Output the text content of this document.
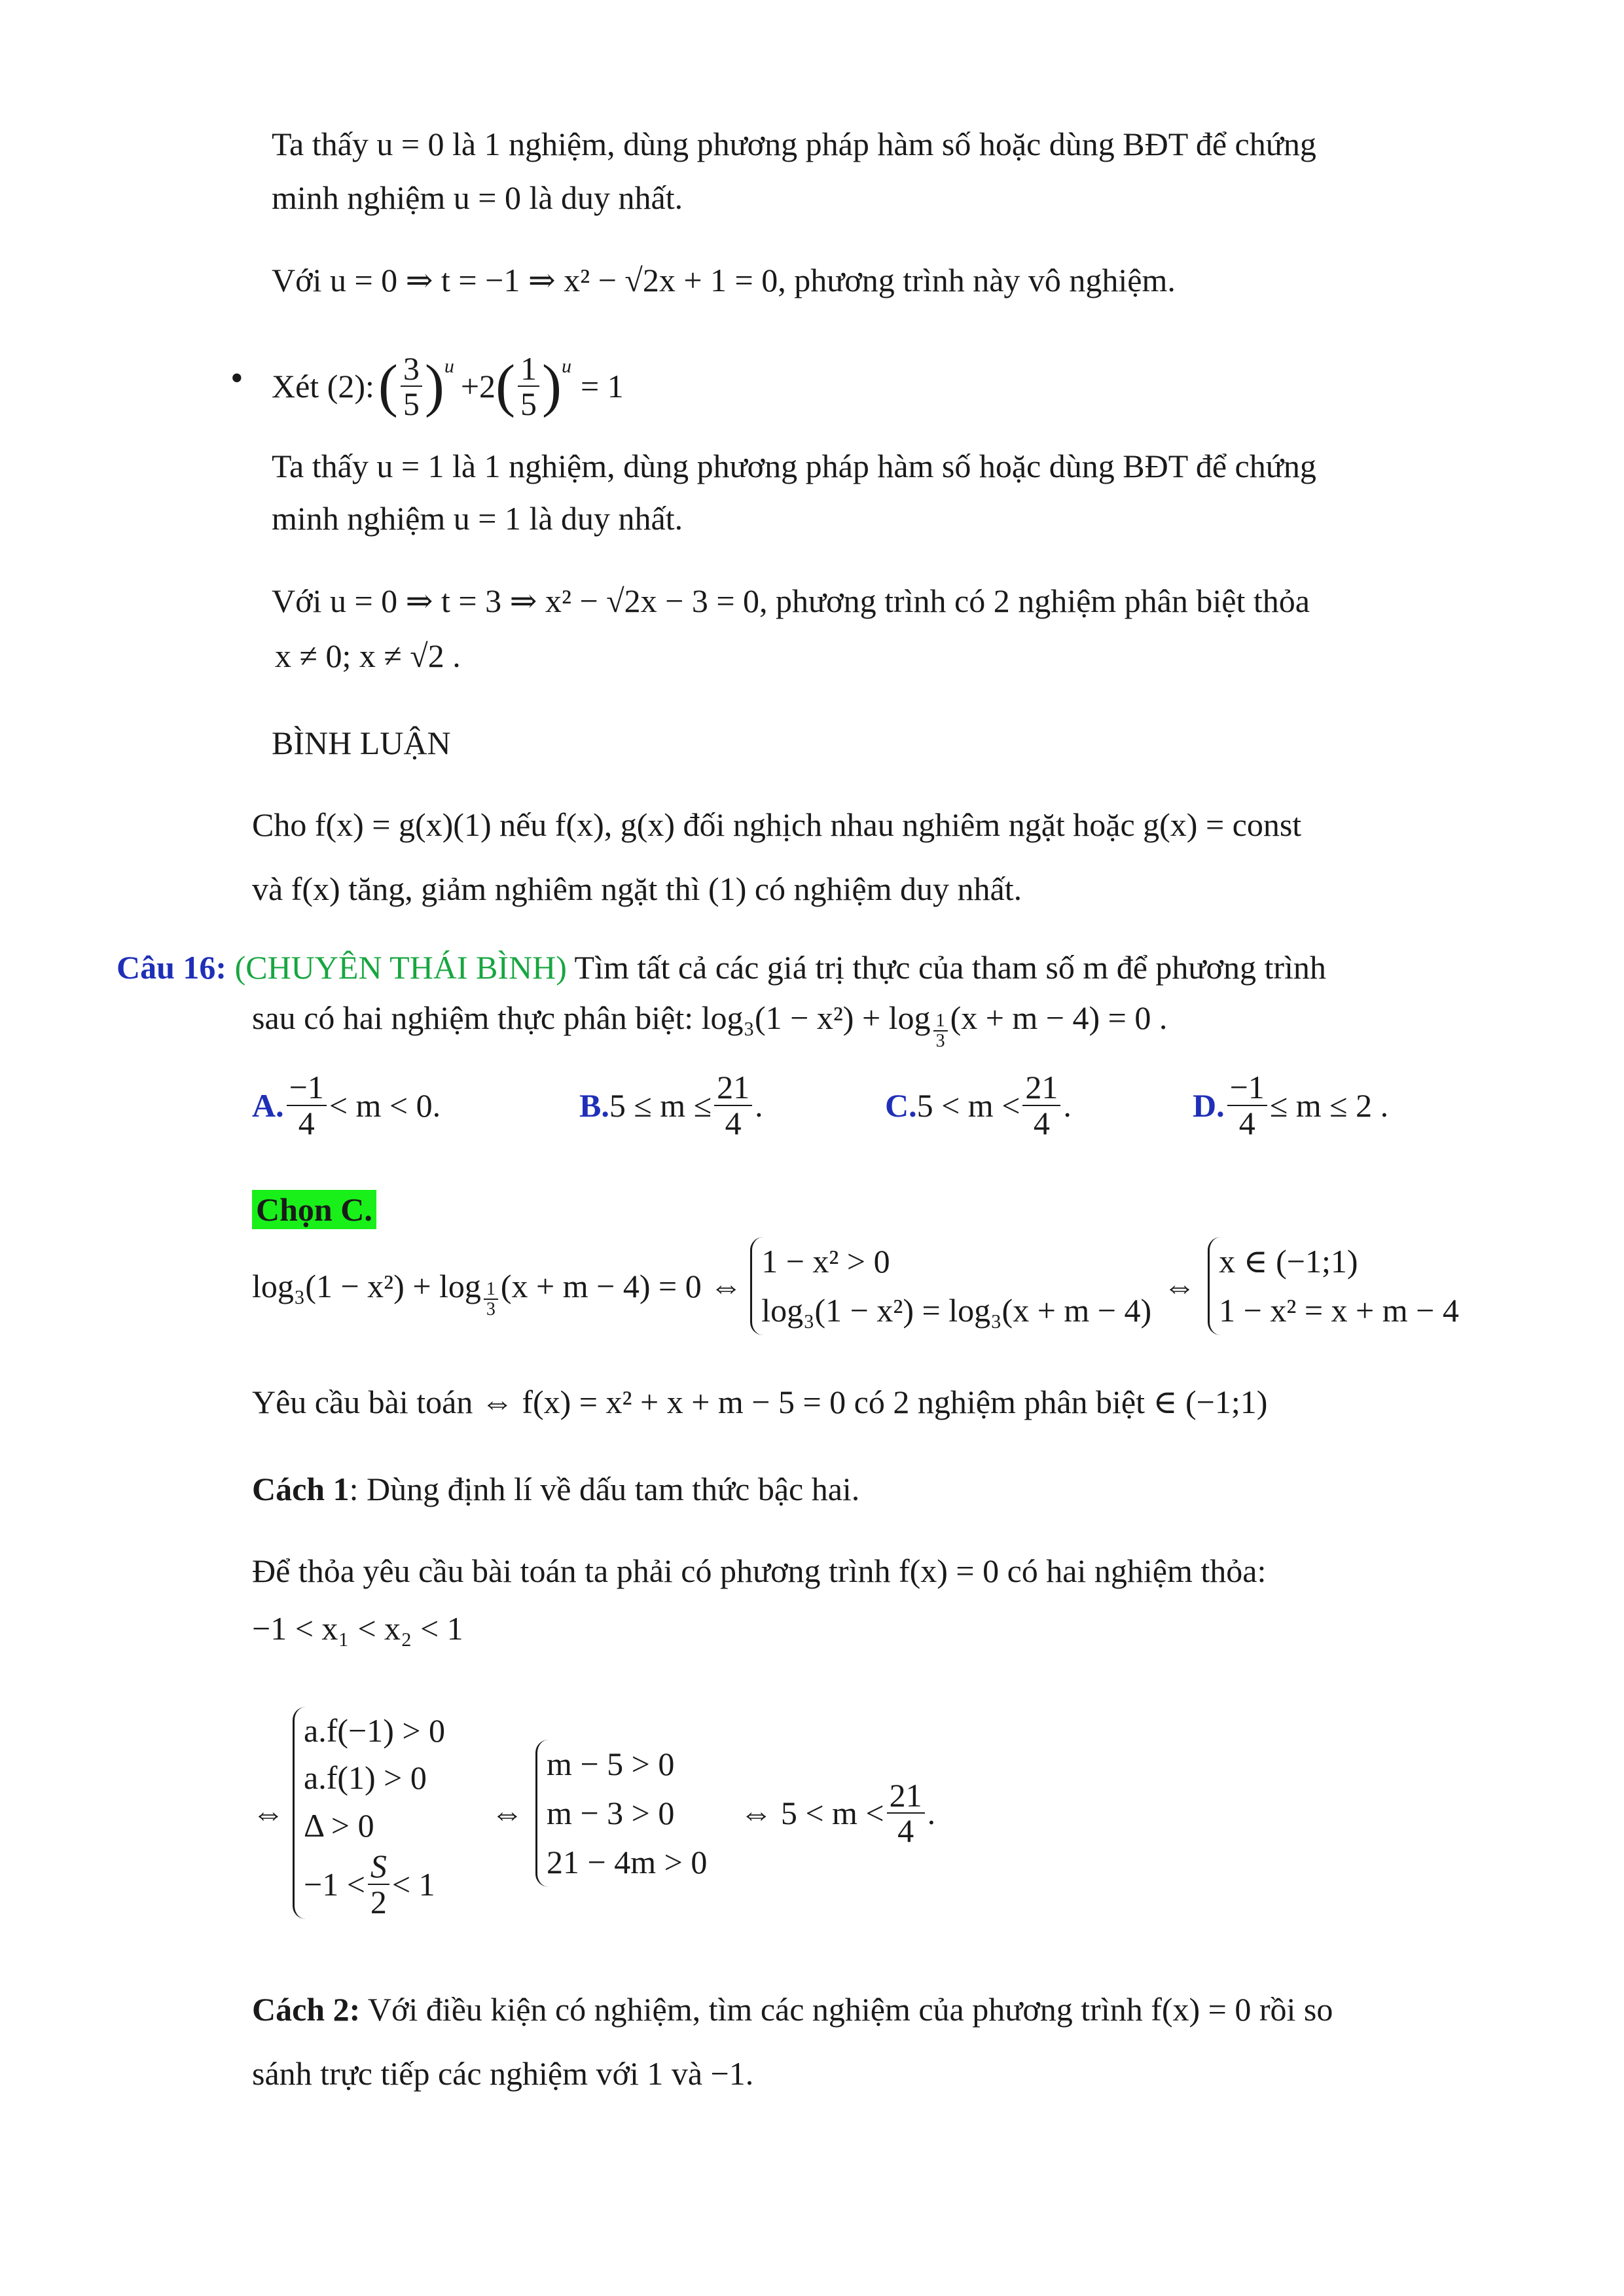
Ta thấy u = 0 là 1 nghiệm, dùng phương pháp hàm số hoặc dùng BĐT để chứng
minh nghiệm u = 0 là duy nhất.
Với u = 0 ⇒ t = −1 ⇒ x² − √2x + 1 = 0, phương trình này vô nghiệm.
• Xét (2): ( $\frac{3}{5} )^u$
+2 ( $\frac{1}{5} )^u$
= 1
Ta thấy u = 1 là 1 nghiệm, dùng phương pháp hàm số hoặc dùng BĐT để chứng
minh nghiệm u = 1 là duy nhất.
Với u = 0 ⇒ t = 3 ⇒ x² − √2x − 3 = 0, phương trình có 2 nghiệm phân biệt thỏa
x ≠ 0; x ≠ √2 .
BÌNH LUẬN
Cho f(x) = g(x)(1) nếu f(x), g(x) đối nghịch nhau nghiêm ngặt hoặc g(x) = const
và f(x) tăng, giảm nghiêm ngặt thì (1) có nghiệm duy nhất.
Câu 16: (CHUYÊN THÁI BÌNH) Tìm tất cả các giá trị thực của tham số m để phương trình
sau có hai nghiệm thực phân biệt: $\log_3(1 - x^2) + \log \frac{1}{3} (x + m - 4) = 0$ .
A. $\frac{-1}{4} < m < 0$.	B. $5 \le m \le \frac{21}{4}$ .	C. $5 < m < \frac{21}{4}$ .	D. $\frac{-1}{4} \le m \le 2$ .
Chọn C.
$\log_3(1 - x^2) + \log \frac{1}{3} (x + m - 4) = 0$ ⇔
1 − x² > 0
log₃(1 − x²) = log₃(x + m − 4)
⇔
x ∈ (−1;1)
1 − x² = x + m − 4
Yêu cầu bài toán ⇔ f(x) = x² + x + m − 5 = 0 có 2 nghiệm phân biệt ∈ (−1;1)
Cách 1: Dùng định lí về dấu tam thức bậc hai.
Để thỏa yêu cầu bài toán ta phải có phương trình f(x) = 0 có hai nghiệm thỏa:
−1 < x₁ < x₂ < 1
⇔
a.f(−1) > 0
a.f(1) > 0
Δ > 0
$-1 < \frac{S}{2} < 1$
⇔
m − 5 > 0
m − 3 > 0
21 − 4m > 0
⇔ $5 < m < \frac{21}{4}$ .
Cách 2: Với điều kiện có nghiệm, tìm các nghiệm của phương trình f(x) = 0 rồi so
sánh trực tiếp các nghiệm với 1 và −1.
